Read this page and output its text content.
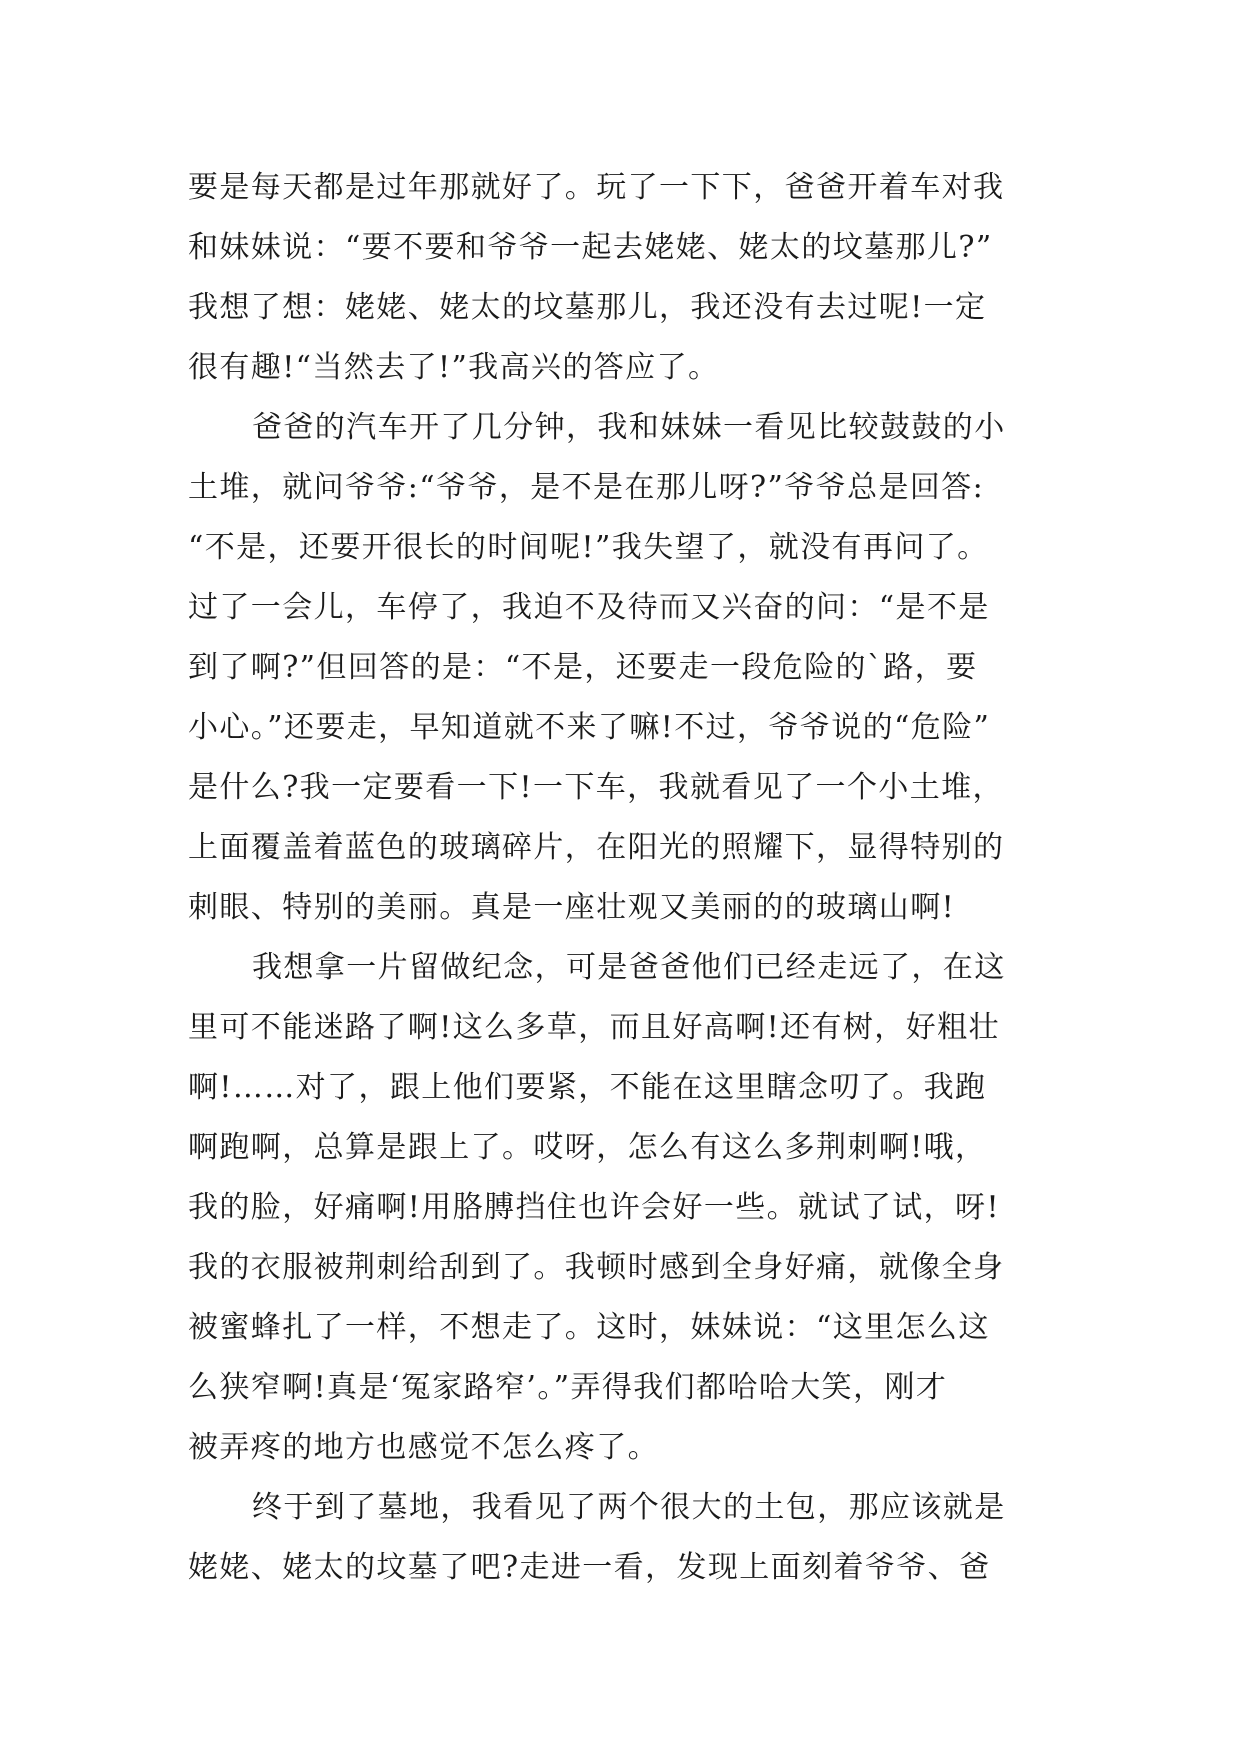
要是每天都是过年那就好了。玩了一下下，爸爸开着车对我
和妹妹说：“要不要和爷爷一起去姥姥、姥太的坟墓那儿?”
我想了想：姥姥、姥太的坟墓那儿，我还没有去过呢!一定
很有趣!“当然去了!”我高兴的答应了。
爸爸的汽车开了几分钟，我和妹妹一看见比较鼓鼓的小
土堆，就问爷爷:“爷爷，是不是在那儿呀?”爷爷总是回答:
“不是，还要开很长的时间呢!”我失望了，就没有再问了。
过了一会儿，车停了，我迫不及待而又兴奋的问：“是不是
到了啊?”但回答的是：“不是，还要走一段危险的`路，要
小心。”还要走，早知道就不来了嘛!不过，爷爷说的“危险”
是什么?我一定要看一下!一下车，我就看见了一个小土堆，
上面覆盖着蓝色的玻璃碎片，在阳光的照耀下，显得特别的
刺眼、特别的美丽。真是一座壮观又美丽的的玻璃山啊!
我想拿一片留做纪念，可是爸爸他们已经走远了，在这
里可不能迷路了啊!这么多草，而且好高啊!还有树，好粗壮
啊!……对了，跟上他们要紧，不能在这里瞎念叨了。我跑
啊跑啊，总算是跟上了。哎呀，怎么有这么多荆刺啊!哦，
我的脸，好痛啊!用胳膊挡住也许会好一些。就试了试，呀!
我的衣服被荆刺给刮到了。我顿时感到全身好痛，就像全身
被蜜蜂扎了一样，不想走了。这时，妹妹说：“这里怎么这
么狭窄啊!真是‘冤家路窄’。”弄得我们都哈哈大笑，刚才
被弄疼的地方也感觉不怎么疼了。
终于到了墓地，我看见了两个很大的土包，那应该就是
姥姥、姥太的坟墓了吧?走进一看，发现上面刻着爷爷、爸
